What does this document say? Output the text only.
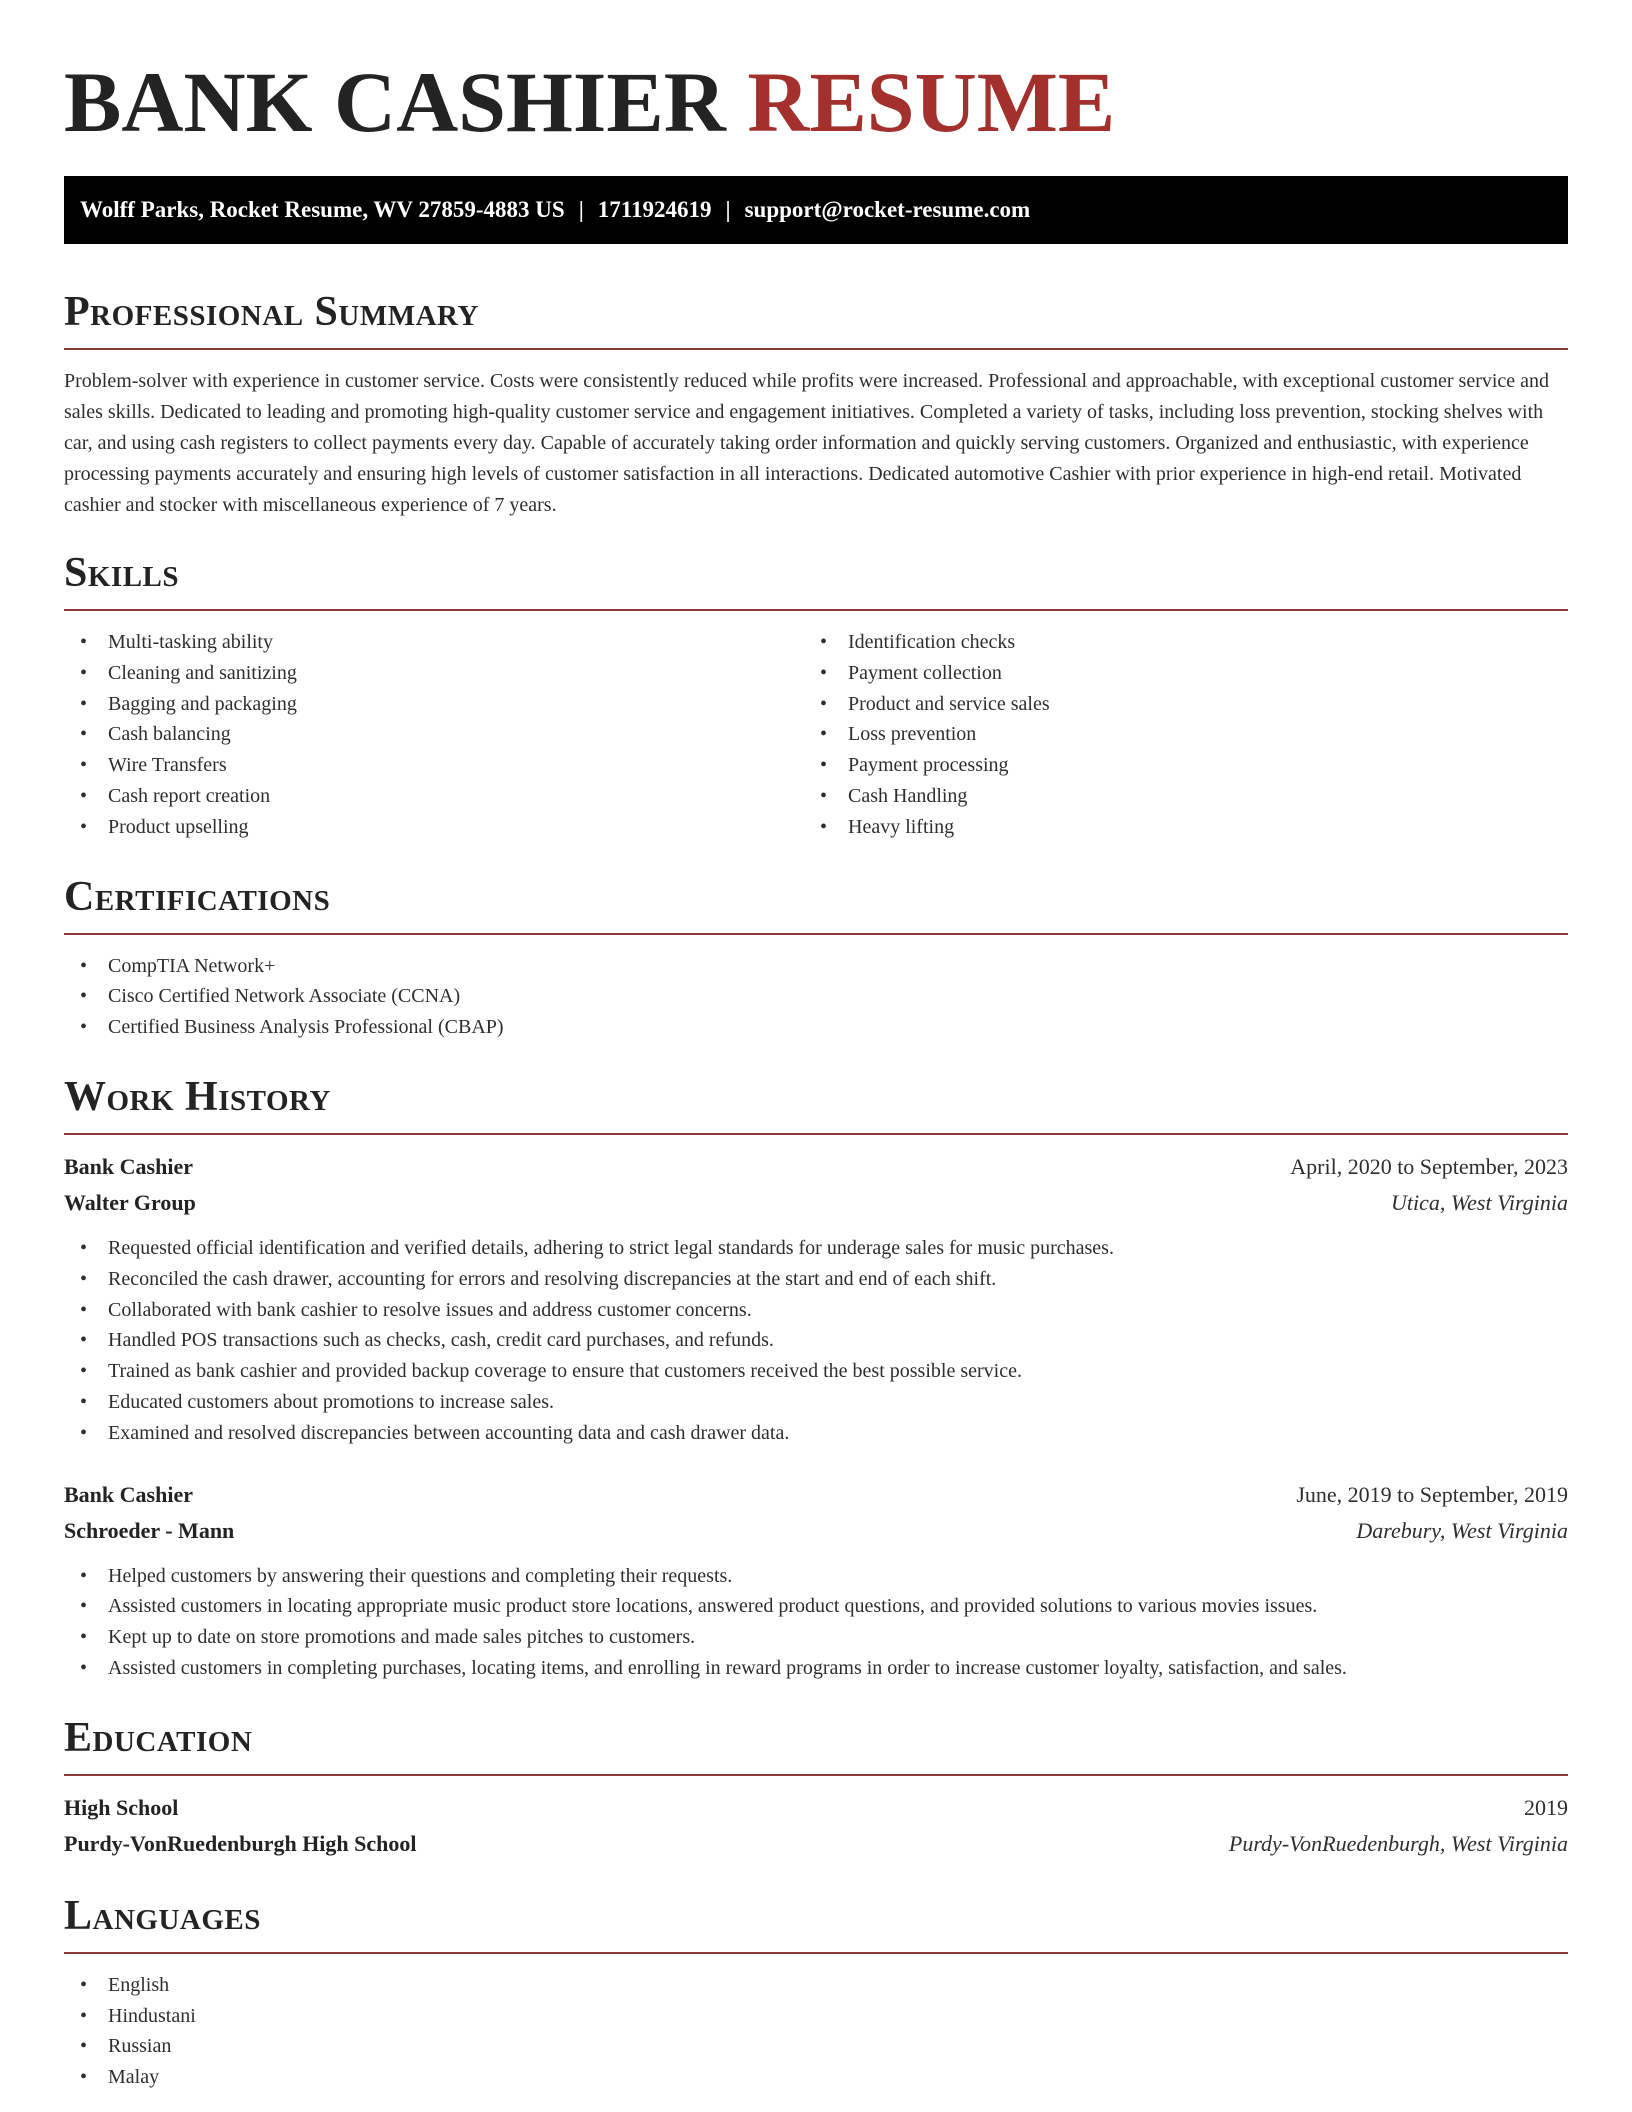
BANK CASHIER RESUME
Wolff Parks, Rocket Resume, WV 27859-4883 US | 1711924619 | support@rocket-resume.com
Professional Summary

Problem-solver with experience in customer service. Costs were consistently reduced while profits were increased. Professional and approachable, with exceptional customer service and sales skills. Dedicated to leading and promoting high-quality customer service and engagement initiatives. Completed a variety of tasks, including loss prevention, stocking shelves with car, and using cash registers to collect payments every day. Capable of accurately taking order information and quickly serving customers. Organized and enthusiastic, with experience processing payments accurately and ensuring high levels of customer satisfaction in all interactions. Dedicated automotive Cashier with prior experience in high-end retail. Motivated cashier and stocker with miscellaneous experience of 7 years.

Skills
• Multi-tasking ability
• Cleaning and sanitizing
• Bagging and packaging
• Cash balancing
• Wire Transfers
• Cash report creation
• Product upselling
• Identification checks
• Payment collection
• Product and service sales
• Loss prevention
• Payment processing
• Cash Handling
• Heavy lifting
Certifications
• CompTIA Network+
• Cisco Certified Network Associate (CCNA)
• Certified Business Analysis Professional (CBAP)
Work History
Bank Cashier	April, 2020 to September, 2023
Walter Group	Utica, West Virginia
• Requested official identification and verified details, adhering to strict legal standards for underage sales for music purchases.
• Reconciled the cash drawer, accounting for errors and resolving discrepancies at the start and end of each shift.
• Collaborated with bank cashier to resolve issues and address customer concerns.
• Handled POS transactions such as checks, cash, credit card purchases, and refunds.
• Trained as bank cashier and provided backup coverage to ensure that customers received the best possible service.
• Educated customers about promotions to increase sales.
• Examined and resolved discrepancies between accounting data and cash drawer data.
Bank Cashier	June, 2019 to September, 2019
Schroeder - Mann	Darebury, West Virginia
• Helped customers by answering their questions and completing their requests.
• Assisted customers in locating appropriate music product store locations, answered product questions, and provided solutions to various movies issues.
• Kept up to date on store promotions and made sales pitches to customers.
• Assisted customers in completing purchases, locating items, and enrolling in reward programs in order to increase customer loyalty, satisfaction, and sales.
Education
High School	2019
Purdy-VonRuedenburgh High School	Purdy-VonRuedenburgh, West Virginia
Languages
• English
• Hindustani
• Russian
• Malay
